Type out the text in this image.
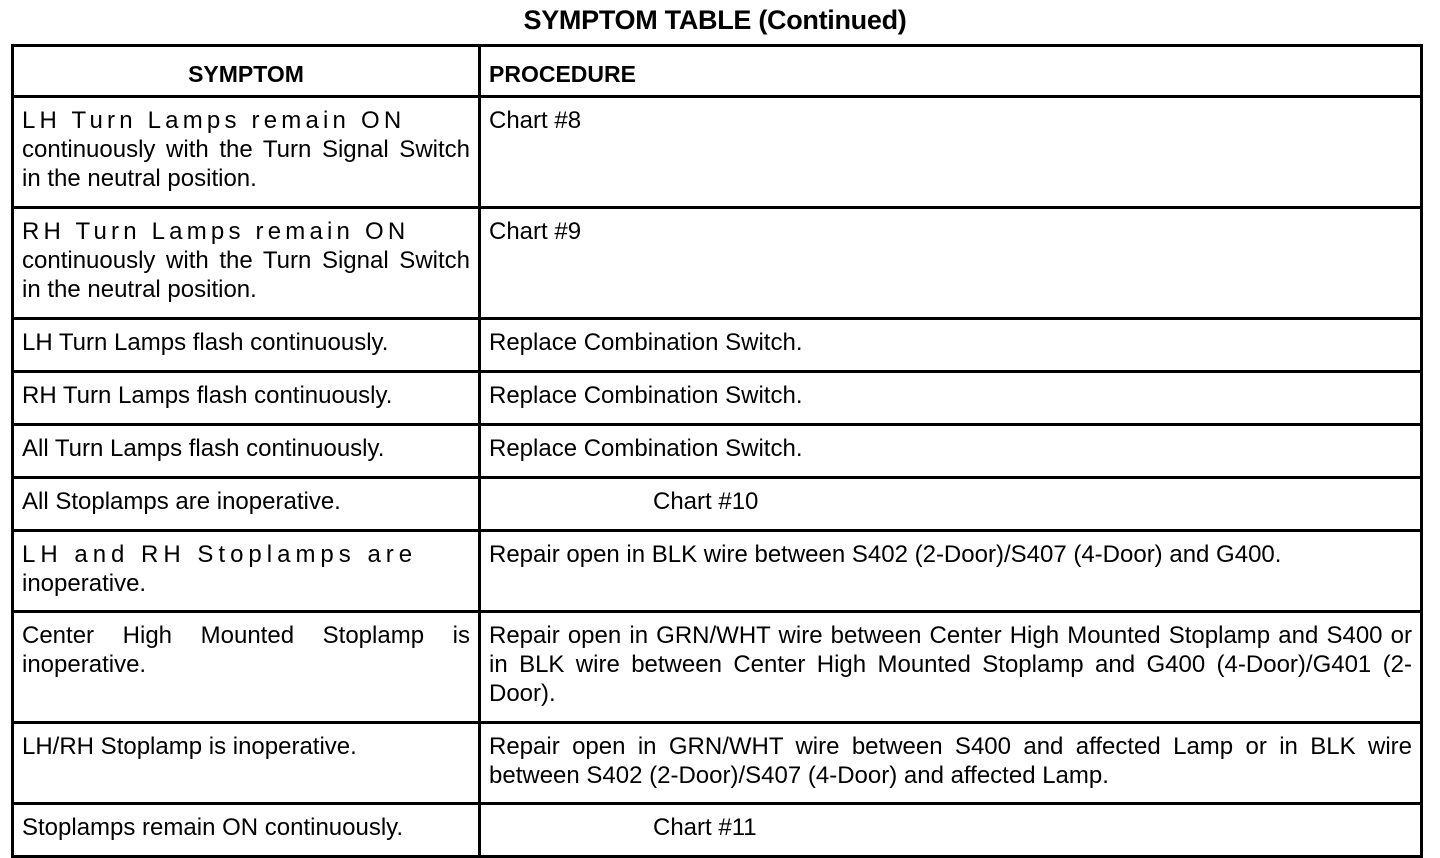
SYMPTOM TABLE (Continued)
SYMPTOM	PROCEDURE

LH Turn Lamps remain ON
continuously with the Turn Signal Switch in the neutral position.	Chart #8

RH Turn Lamps remain ON
continuously with the Turn Signal Switch in the neutral position.	Chart #9
LH Turn Lamps flash continuously.	Replace Combination Switch.
RH Turn Lamps flash continuously.	Replace Combination Switch.
All Turn Lamps flash continuously.	Replace Combination Switch.
All Stoplamps are inoperative.	Chart #10

LH and RH Stoplamps are
inoperative.	Repair open in BLK wire between S402 (2-Door)/S407 (4-Door) and G400.
Center High Mounted Stoplamp is inoperative.	Repair open in GRN/WHT wire between Center High Mounted Stoplamp and S400 or in BLK wire between Center High Mounted Stoplamp and G400 (4-Door)/G401 (2-Door).
LH/RH Stoplamp is inoperative.	Repair open in GRN/WHT wire between S400 and affected Lamp or in BLK wire between S402 (2-Door)/S407 (4-Door) and affected Lamp.
Stoplamps remain ON continuously.	Chart #11
